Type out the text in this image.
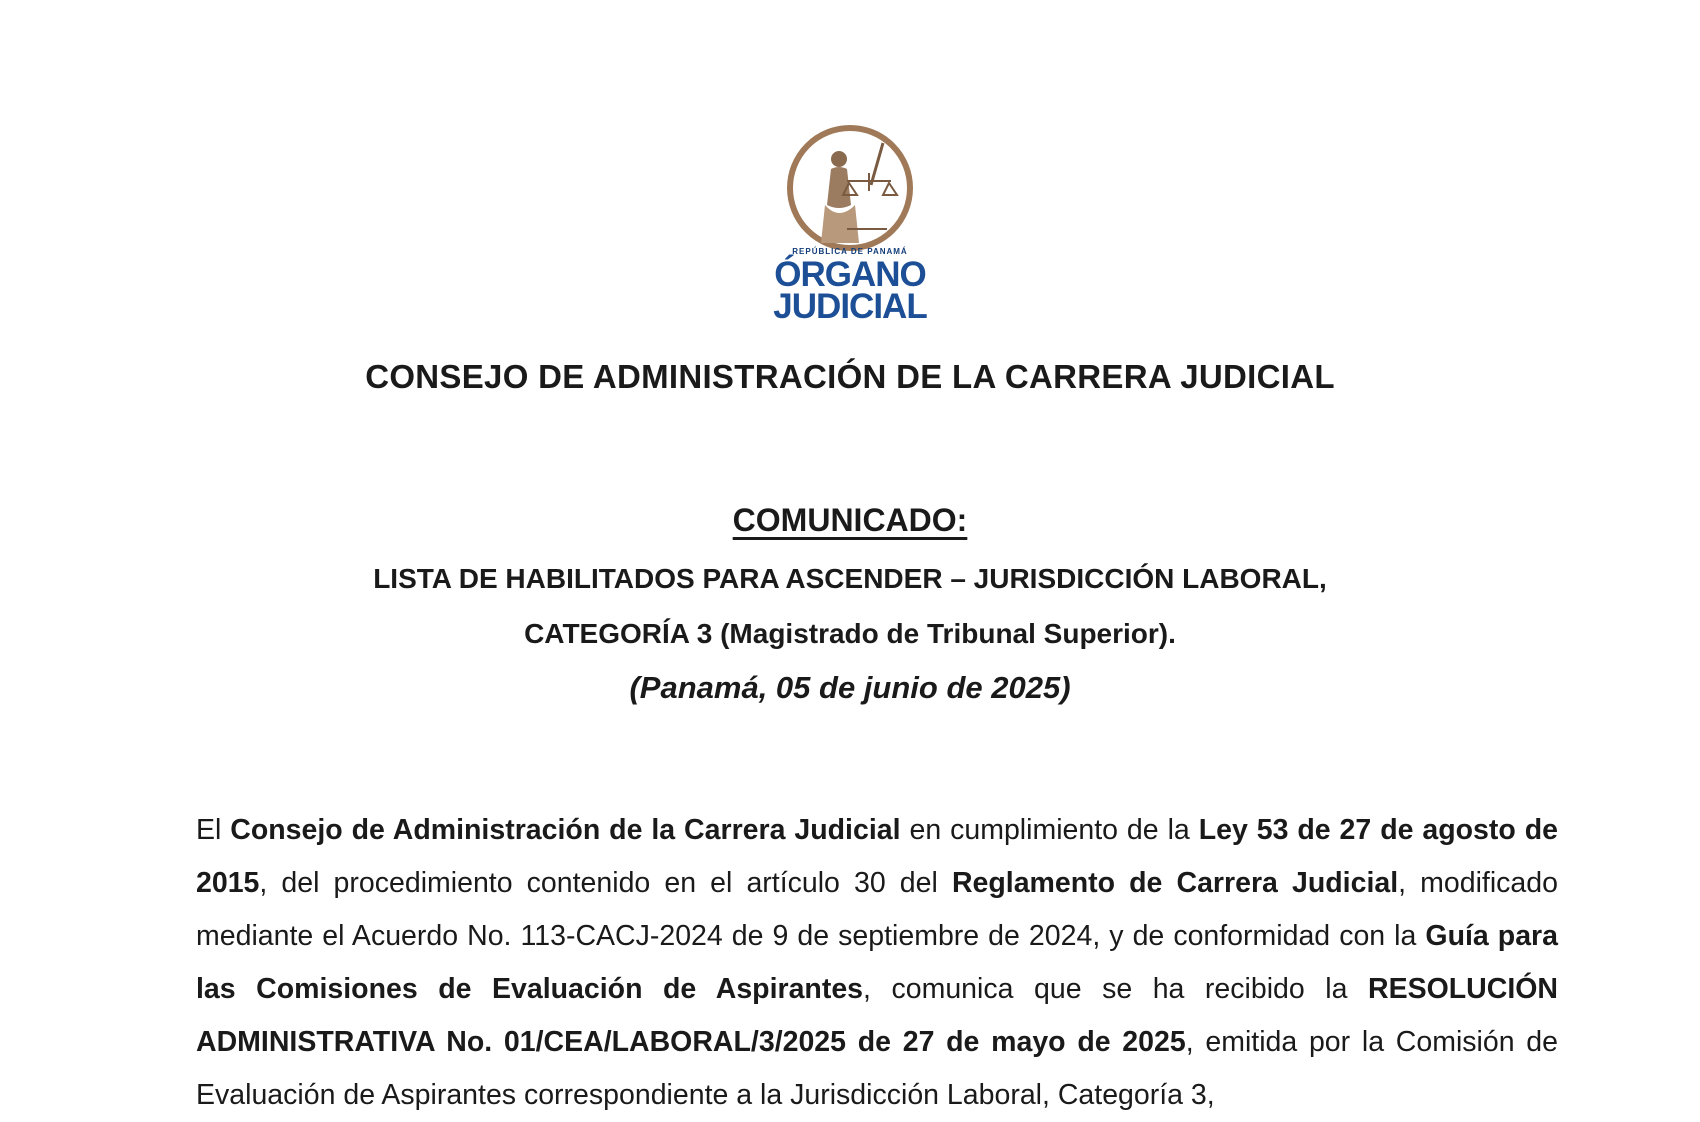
REPÚBLICA DE PANAMÁ
ÓRGANO
JUDICIAL
CONSEJO DE ADMINISTRACIÓN DE LA CARRERA JUDICIAL
COMUNICADO:
LISTA DE HABILITADOS PARA ASCENDER – JURISDICCIÓN LABORAL,
CATEGORÍA 3 (Magistrado de Tribunal Superior).
(Panamá, 05 de junio de 2025)
El Consejo de Administración de la Carrera Judicial en cumplimiento de la Ley 53 de 27 de agosto de 2015, del procedimiento contenido en el artículo 30 del Reglamento de Carrera Judicial, modificado mediante el Acuerdo No. 113-CACJ-2024 de 9 de septiembre de 2024, y de conformidad con la Guía para las Comisiones de Evaluación de Aspirantes, comunica que se ha recibido la RESOLUCIÓN ADMINISTRATIVA No. 01/CEA/LABORAL/3/2025 de 27 de mayo de 2025, emitida por la Comisión de Evaluación de Aspirantes correspondiente a la Jurisdicción Laboral, Categoría 3,
